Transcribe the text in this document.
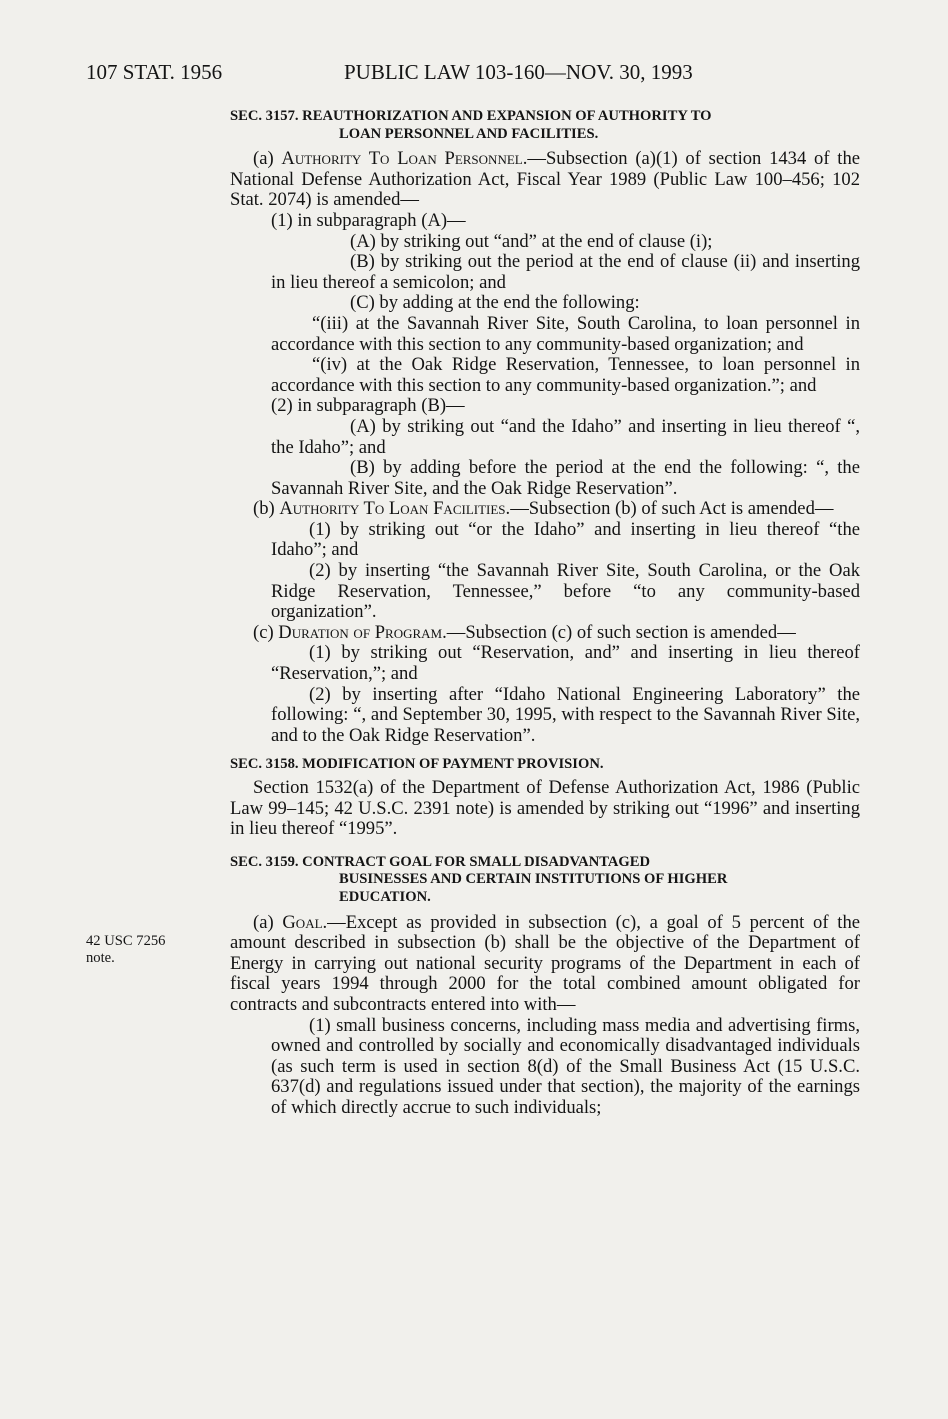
107 STAT. 1956	PUBLIC LAW 103-160—NOV. 30, 1993
42 USC 7256 note.
SEC. 3157. REAUTHORIZATION AND EXPANSION OF AUTHORITY TO
LOAN PERSONNEL AND FACILITIES.

(a) Authority To Loan Personnel.—Subsection (a)(1) of section 1434 of the National Defense Authorization Act, Fiscal Year 1989 (Public Law 100–456; 102 Stat. 2074) is amended—

(1) in subparagraph (A)—

(A) by striking out “and” at the end of clause (i);

(B) by striking out the period at the end of clause (ii) and inserting in lieu thereof a semicolon; and

(C) by adding at the end the following:

“(iii) at the Savannah River Site, South Carolina, to loan personnel in accordance with this section to any community-based organization; and

“(iv) at the Oak Ridge Reservation, Tennessee, to loan personnel in accordance with this section to any community-based organization.”; and

(2) in subparagraph (B)—

(A) by striking out “and the Idaho” and inserting in lieu thereof “, the Idaho”; and

(B) by adding before the period at the end the following: “, the Savannah River Site, and the Oak Ridge Reservation”.

(b) Authority To Loan Facilities.—Subsection (b) of such Act is amended—

(1) by striking out “or the Idaho” and inserting in lieu thereof “the Idaho”; and

(2) by inserting “the Savannah River Site, South Carolina, or the Oak Ridge Reservation, Tennessee,” before “to any community-based organization”.

(c) Duration of Program.—Subsection (c) of such section is amended—

(1) by striking out “Reservation, and” and inserting in lieu thereof “Reservation,”; and

(2) by inserting after “Idaho National Engineering Laboratory” the following: “, and September 30, 1995, with respect to the Savannah River Site, and to the Oak Ridge Reservation”.

SEC. 3158. MODIFICATION OF PAYMENT PROVISION.

Section 1532(a) of the Department of Defense Authorization Act, 1986 (Public Law 99–145; 42 U.S.C. 2391 note) is amended by striking out “1996” and inserting in lieu thereof “1995”.

SEC. 3159. CONTRACT GOAL FOR SMALL DISADVANTAGED
BUSINESSES AND CERTAIN INSTITUTIONS OF HIGHER
EDUCATION.

(a) Goal.—Except as provided in subsection (c), a goal of 5 percent of the amount described in subsection (b) shall be the objective of the Department of Energy in carrying out national security programs of the Department in each of fiscal years 1994 through 2000 for the total combined amount obligated for contracts and subcontracts entered into with—

(1) small business concerns, including mass media and advertising firms, owned and controlled by socially and economically disadvantaged individuals (as such term is used in section 8(d) of the Small Business Act (15 U.S.C. 637(d) and regulations issued under that section), the majority of the earnings of which directly accrue to such individuals;
